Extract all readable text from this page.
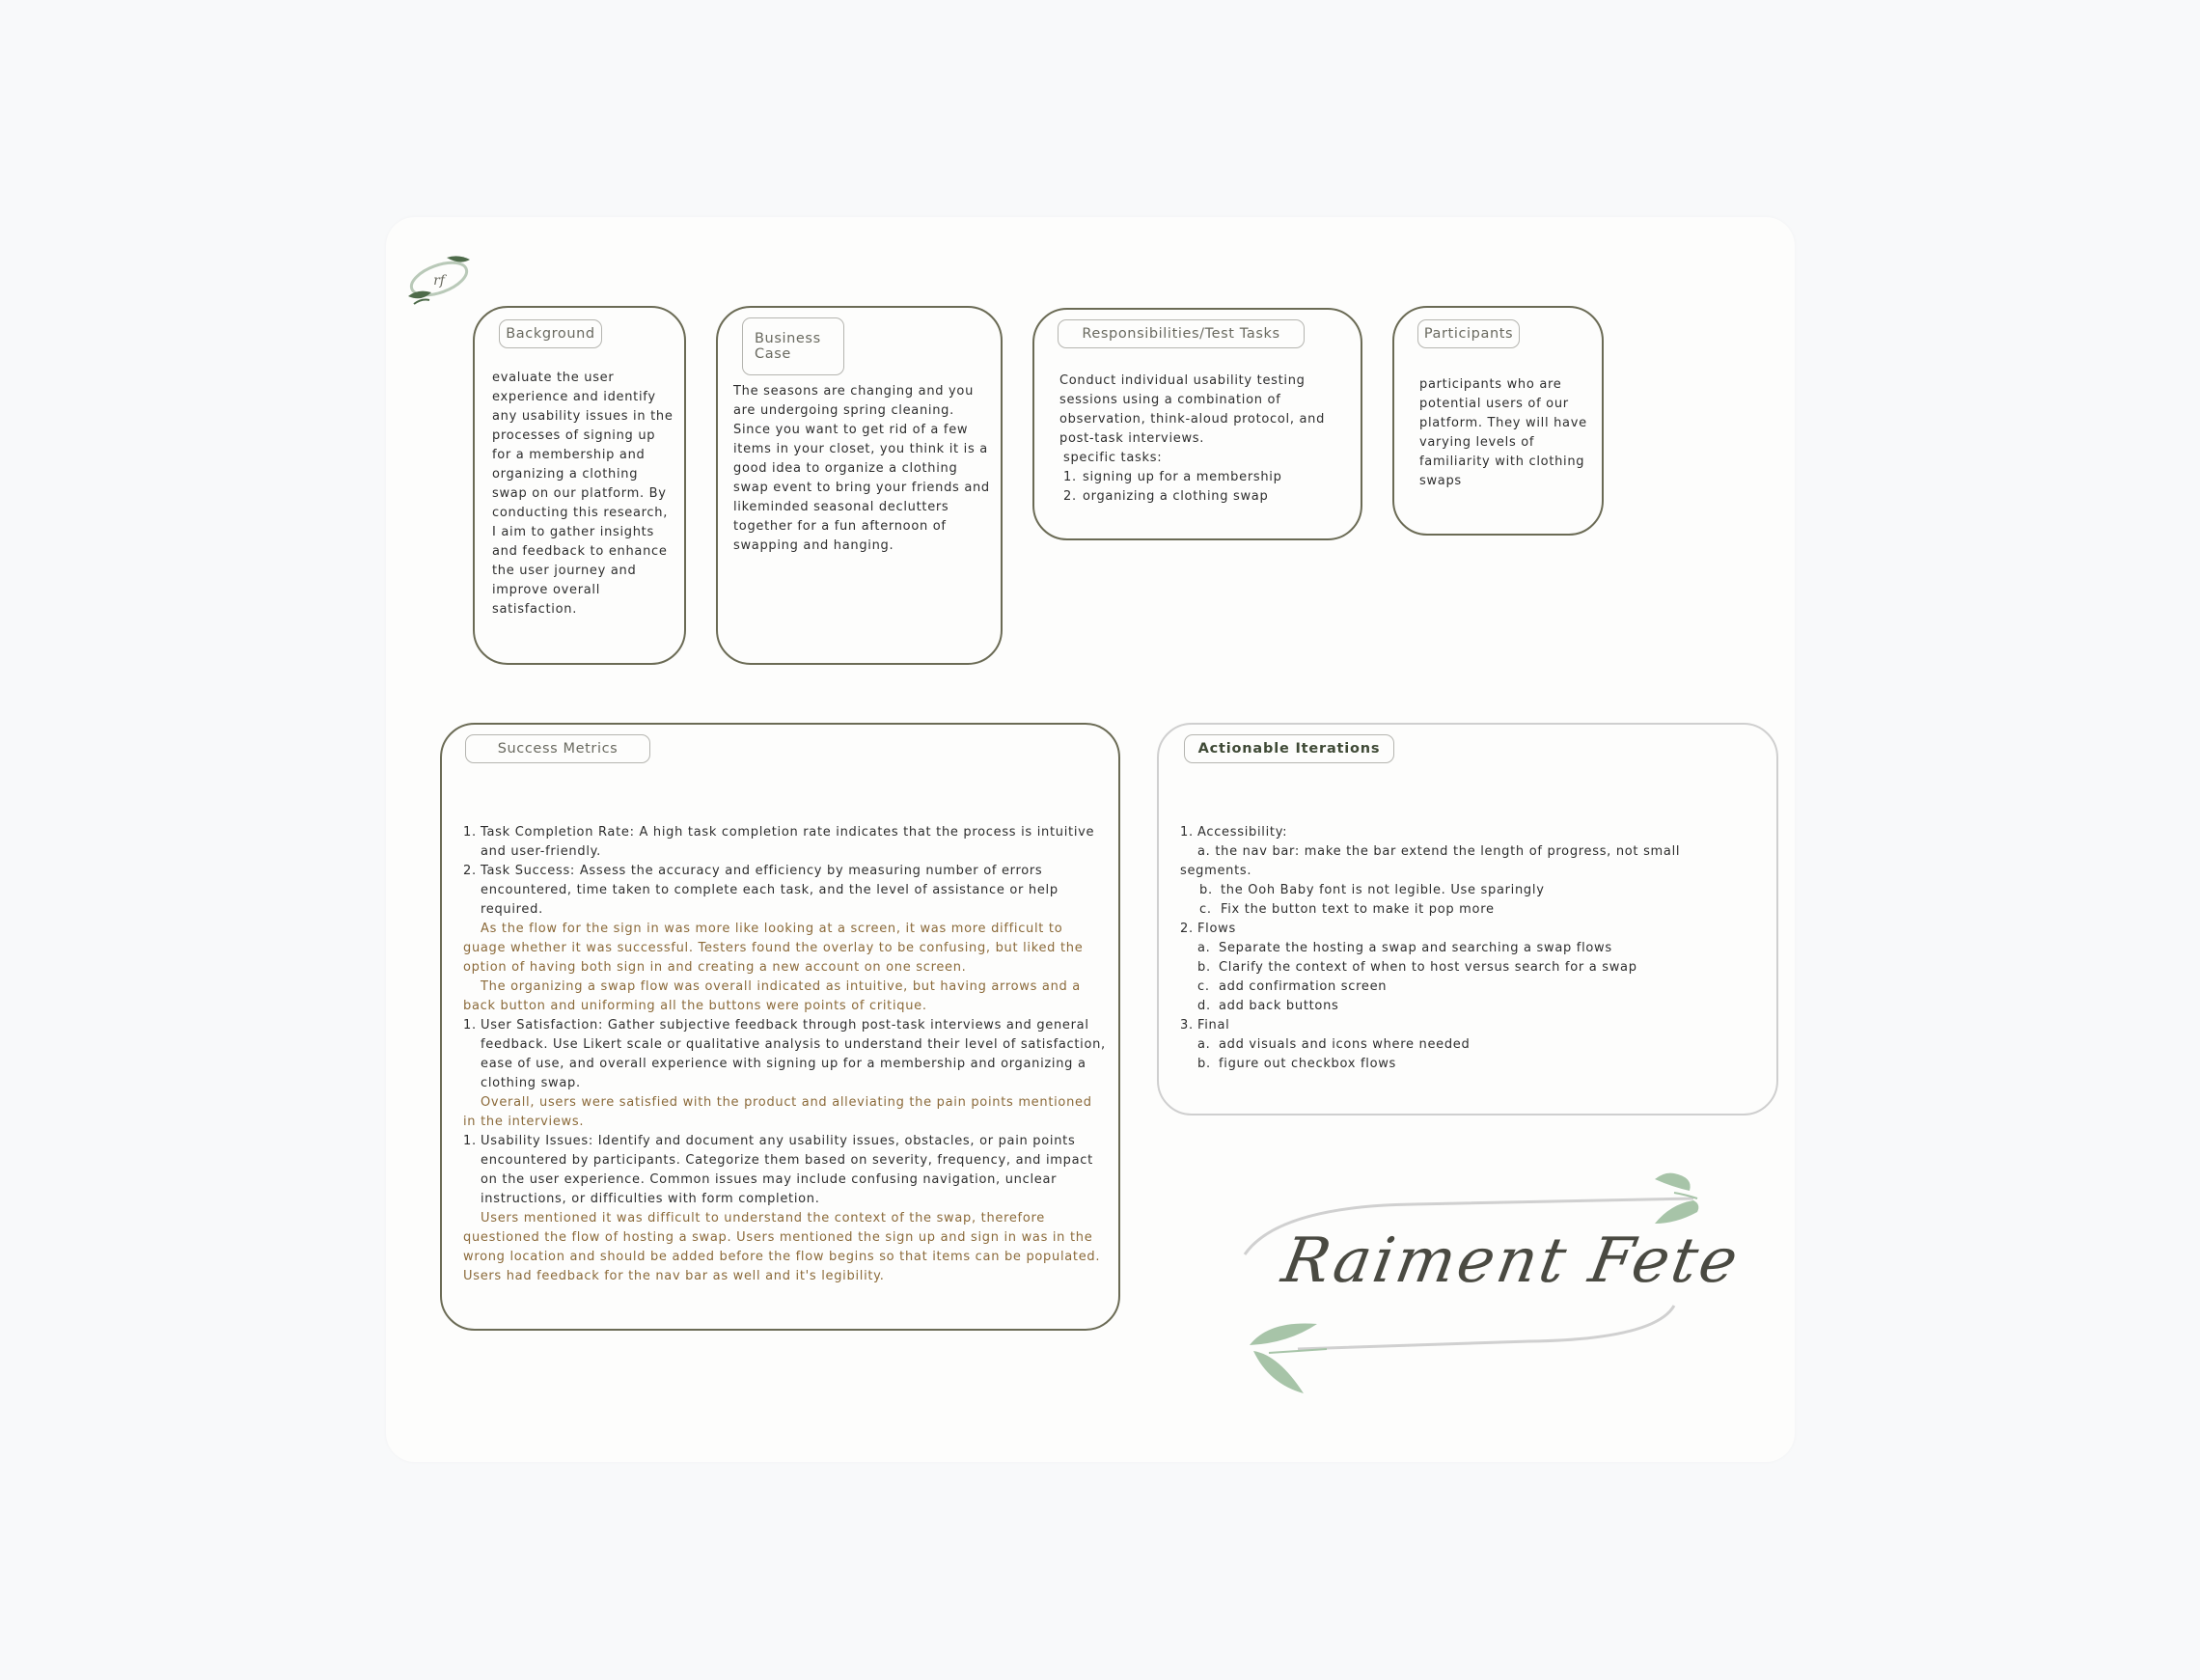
rf
Background
evaluate the user experience and identify any usability issues in the processes of signing up for a membership and organizing a clothing swap on our platform. By conducting this research, I aim to gather insights and feedback to enhance the user journey and improve overall satisfaction.
Business
Case
The seasons are changing and you are undergoing spring cleaning. Since you want to get rid of a few items in your closet, you think it is a good idea to organize a clothing swap event to bring your friends and likeminded seasonal declutters together for a fun afternoon of swapping and hanging.
Responsibilities/Test Tasks

Conduct individual usability testing sessions using a combination of observation, think-aloud protocol, and post-task interviews.

specific tasks:

1. signing up for a membership
2. organizing a clothing swap
Participants
participants who are potential users of our platform. They will have varying levels of familiarity with clothing swaps
Success Metrics
1. Task Completion Rate: A high task completion rate indicates that the process is intuitive and user-friendly.
2. Task Success: Assess the accuracy and efficiency by measuring number of errors encountered, time taken to complete each task, and the level of assistance or help required.

As the flow for the sign in was more like looking at a screen, it was more difficult to guage whether it was successful. Testers found the overlay to be confusing, but liked the option of having both sign in and creating a new account on one screen.

The organizing a swap flow was overall indicated as intuitive, but having arrows and a back button and uniforming all the buttons were points of critique.

1. User Satisfaction: Gather subjective feedback through post-task interviews and general feedback. Use Likert scale or qualitative analysis to understand their level of satisfaction, ease of use, and overall experience with signing up for a membership and organizing a clothing swap.

Overall, users were satisfied with the product and alleviating the pain points mentioned in the interviews.

1. Usability Issues: Identify and document any usability issues, obstacles, or pain points encountered by participants. Categorize them based on severity, frequency, and impact on the user experience. Common issues may include confusing navigation, unclear instructions, or difficulties with form completion.

Users mentioned it was difficult to understand the context of the swap, therefore questioned the flow of hosting a swap. Users mentioned the sign up and sign in was in the wrong location and should be added before the flow begins so that items can be populated. Users had feedback for the nav bar as well and it's legibility.

Actionable Iterations
1. Accessibility:
a. the nav bar: make the bar extend the length of progress, not small segments.
b. the Ooh Baby font is not legible. Use sparingly
c. Fix the button text to make it pop more
2. Flows
a. Separate the hosting a swap and searching a swap flows
b. Clarify the context of when to host versus search for a swap
c. add confirmation screen
d. add back buttons
3. Final
a. add visuals and icons where needed
b. figure out checkbox flows
Raiment Fete
